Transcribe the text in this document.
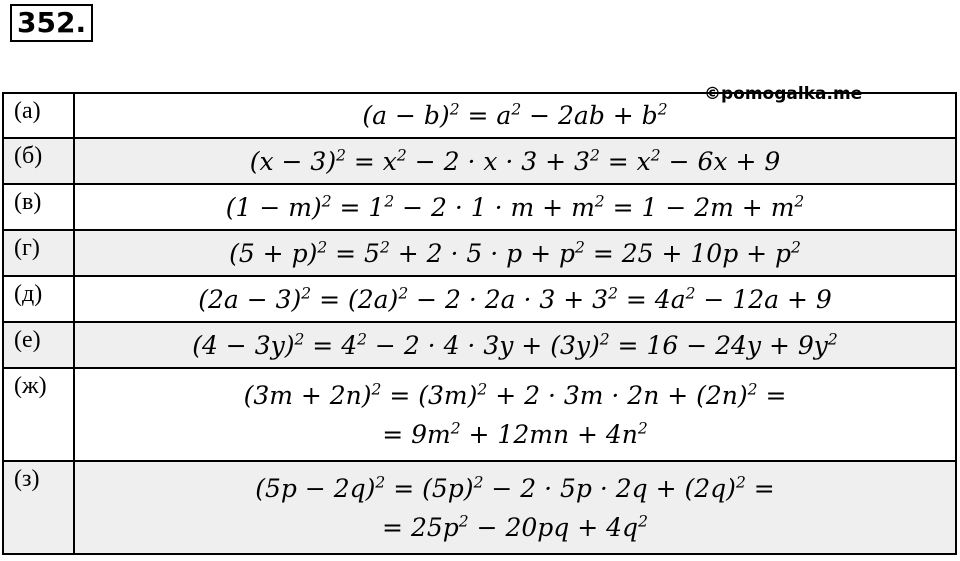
352.
(а)	$(a - b)^2 = a^2 - 2ab + b^2$

(б)	$(x - 3)^2 = x^2 - 2 \cdot x \cdot 3 + 3^2 = x^2 - 6x + 9$

(в)	$(1 - m)^2 = 1^2 - 2 \cdot 1 \cdot m + m^2 = 1 - 2m + m^2$

(г)	$(5 + p)^2 = 5^2 + 2 \cdot 5 \cdot p + p^2 = 25 + 10p + p^2$

(д)	$(2a - 3)^2 = (2a)^2 - 2 \cdot 2a \cdot 3 + 3^2 = 4a^2 - 12a + 9$

(е)	$(4 - 3y)^2 = 4^2 - 2 \cdot 4 \cdot 3y + (3y)^2 = 16 - 24y + 9y^2$

(ж)	$(3m + 2n)^2 = (3m)^2 + 2 \cdot 3m \cdot 2n + (2n)^2$ =
= $9m^2 + 12mn + 4n^2$

(з)	$(5p - 2q)^2 = (5p)^2 - 2 \cdot 5p \cdot 2q + (2q)^2$ =
= $25p^2 - 20pq + 4q^2$
©pomogalka.me
